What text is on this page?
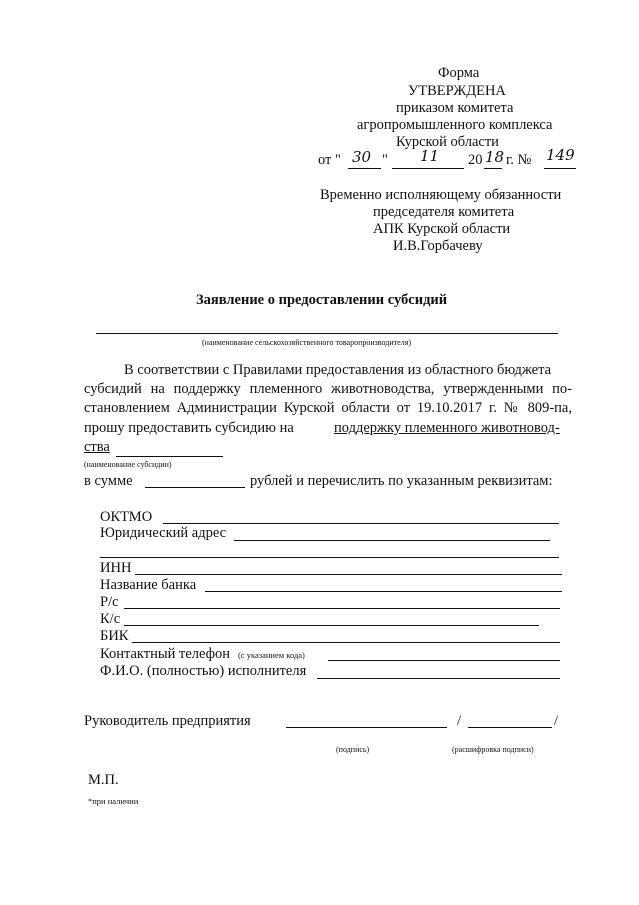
Форма
УТВЕРЖДЕНА
приказом комитета
агропромышленного комплекса
Курской области
от " 30 " 11 20 18 г. № 149
Временно исполняющему обязанности
председателя комитета
АПК Курской области
И.В.Горбачеву
Заявление о предоставлении субсидий
(наименование сельскохозяйственного товаропроизводителя)
В соответствии с Правилами предоставления из областного бюджета
субсидий на поддержку племенного животноводства, утвержденными по-
становлением Администрации Курской области от 19.10.2017 г. № 809-па,
прошу предоставить субсидию на	поддержку племенного животновод-
ства
(наименование субсидии)
в сумме	рублей и перечислить по указанным реквизитам:
ОКТМО
Юридический адрес
ИНН
Название банка
Р/с
К/с
БИК
Контактный телефон (с указанием кода)
Ф.И.О. (полностью) исполнителя
Руководитель предприятия	/	/
(подпись)	(расшифровка подписи)
М.П.
*при наличии
